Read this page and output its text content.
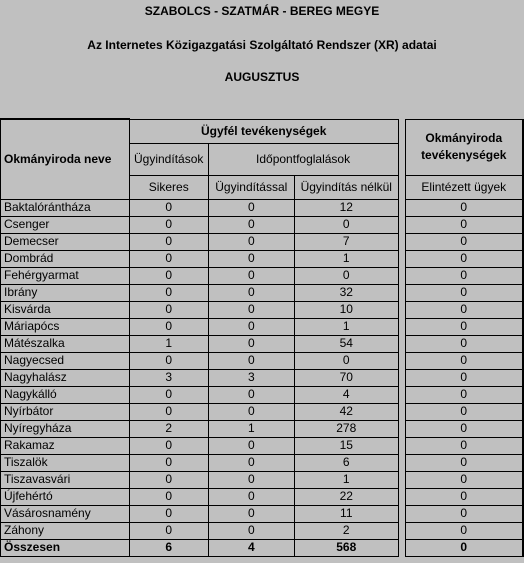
SZABOLCS - SZATMÁR - BEREG MEGYE
Az Internetes Közigazgatási Szolgáltató Rendszer (XR) adatai
AUGUSZTUS
Okmányiroda neve	Ügyfél tevékenységek				Okmányiroda tevékenységek
	Ügyindítások	Időpontfoglalások			
	Sikeres	Ügyindítással	Ügyindítás nélkül		Elintézett ügyek
Baktalórántháza	0	0	12		0
Csenger	0	0	0		0
Demecser	0	0	7		0
Dombrád	0	0	1		0
Fehérgyarmat	0	0	0		0
Ibrány	0	0	32		0
Kisvárda	0	0	10		0
Máriapócs	0	0	1		0
Mátészalka	1	0	54		0
Nagyecsed	0	0	0		0
Nagyhalász	3	3	70		0
Nagykálló	0	0	4		0
Nyírbátor	0	0	42		0
Nyíregyháza	2	1	278		0
Rakamaz	0	0	15		0
Tiszalök	0	0	6		0
Tiszavasvári	0	0	1		0
Újfehértó	0	0	22		0
Vásárosnamény	0	0	11		0
Záhony	0	0	2		0
Összesen	6	4	568		0
